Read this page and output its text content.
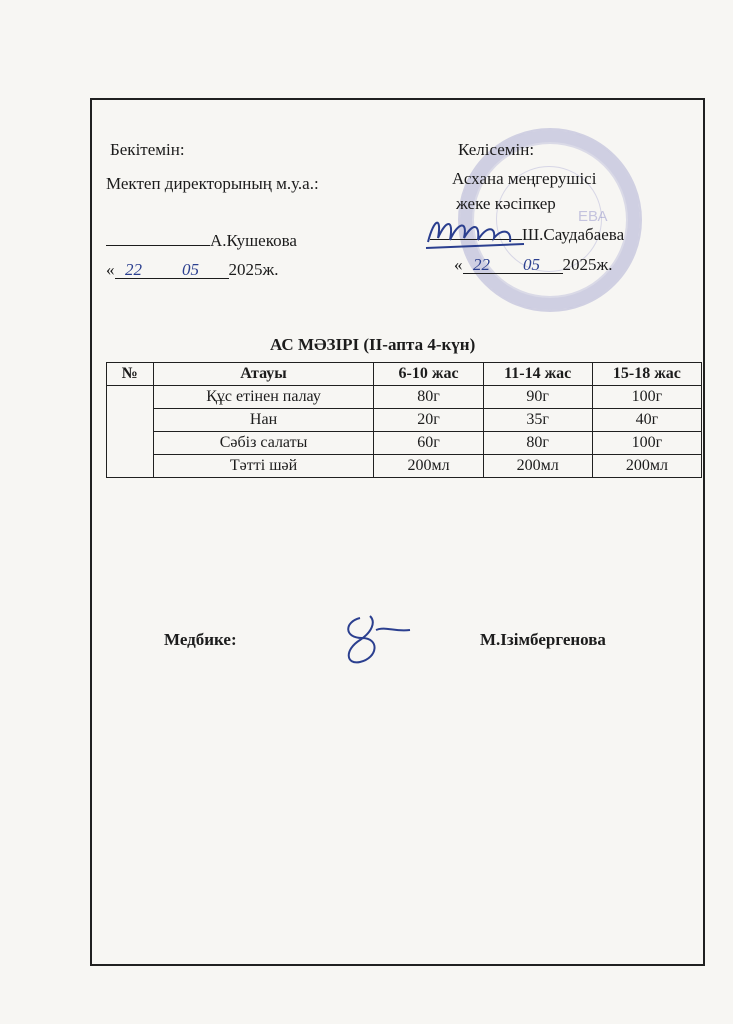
ЕВА
Бекітемін:
Мектеп директорының м.у.а.:
А.Кушекова
« 22 05 2025ж.
Келісемін:
Асхана меңгерушісі
жеке кәсіпкер
Ш.Саудабаева
« 22 05 2025ж.
АС МӘЗІРІ (ІІ-апта 4-күн)
№	Атауы	6-10 жас	11-14 жас	15-18 жас
	Құс етінен палау	80г	90г	100г
	Нан	20г	35г	40г
	Сәбіз салаты	60г	80г	100г
	Тәтті шәй	200мл	200мл	200мл
Медбике:	М.Ізімбергенова
